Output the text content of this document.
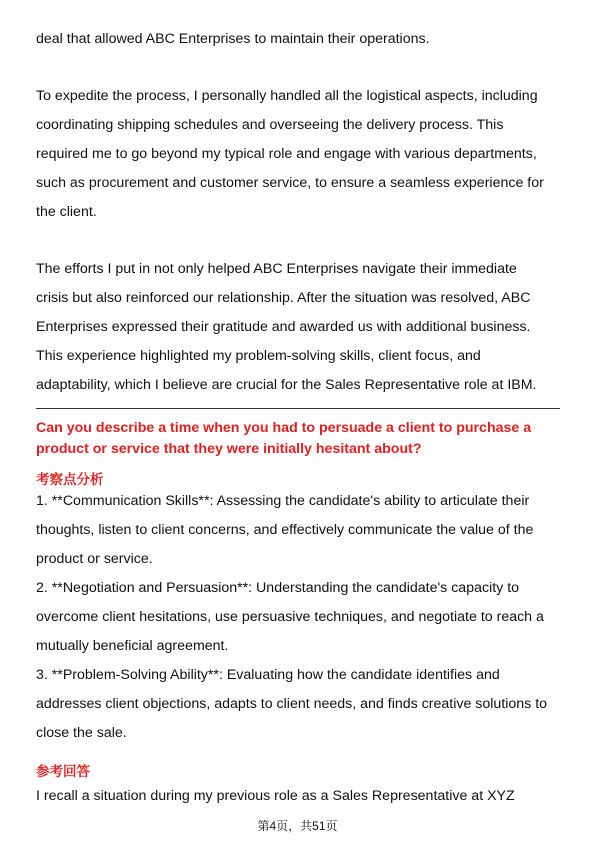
deal that allowed ABC Enterprises to maintain their operations.

To expedite the process, I personally handled all the logistical aspects, including

coordinating shipping schedules and overseeing the delivery process. This

required me to go beyond my typical role and engage with various departments,

such as procurement and customer service, to ensure a seamless experience for

the client.

The efforts I put in not only helped ABC Enterprises navigate their immediate

crisis but also reinforced our relationship. After the situation was resolved, ABC

Enterprises expressed their gratitude and awarded us with additional business.

This experience highlighted my problem-solving skills, client focus, and

adaptability, which I believe are crucial for the Sales Representative role at IBM.

Can you describe a time when you had to persuade a client to purchase a
product or service that they were initially hesitant about?
考察点分析

1. **Communication Skills**: Assessing the candidate's ability to articulate their

thoughts, listen to client concerns, and effectively communicate the value of the

product or service.

2. **Negotiation and Persuasion**: Understanding the candidate's capacity to

overcome client hesitations, use persuasive techniques, and negotiate to reach a

mutually beneficial agreement.

3. **Problem-Solving Ability**: Evaluating how the candidate identifies and

addresses client objections, adapts to client needs, and finds creative solutions to

close the sale.

参考回答

I recall a situation during my previous role as a Sales Representative at XYZ

第4页，共51页
